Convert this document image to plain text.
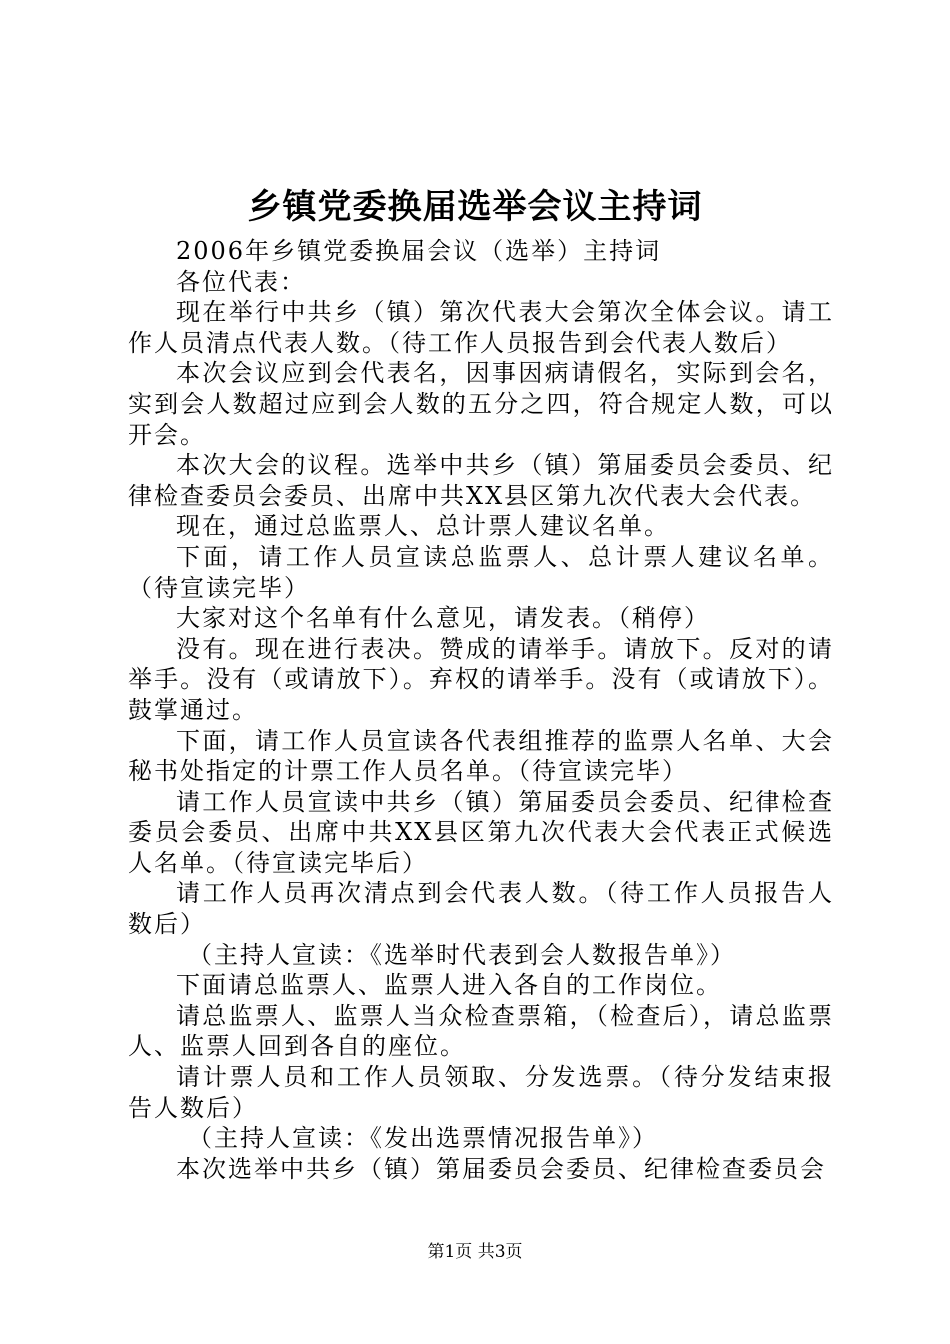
乡镇党委换届选举会议主持词

2006年乡镇党委换届会议（选举）主持词

各位代表：

现在举行中共乡（镇）第次代表大会第次全体会议。请工作人员清点代表人数。（待工作人员报告到会代表人数后）

本次会议应到会代表名，因事因病请假名，实际到会名，实到会人数超过应到会人数的五分之四，符合规定人数，可以开会。

本次大会的议程。选举中共乡（镇）第届委员会委员、纪律检查委员会委员、出席中共XX县区第九次代表大会代表。

现在，通过总监票人、总计票人建议名单。

下面，请工作人员宣读总监票人、总计票人建议名单。（待宣读完毕）

大家对这个名单有什么意见，请发表。（稍停）

没有。现在进行表决。赞成的请举手。请放下。反对的请举手。没有（或请放下）。弃权的请举手。没有（或请放下）。鼓掌通过。

下面，请工作人员宣读各代表组推荐的监票人名单、大会秘书处指定的计票工作人员名单。（待宣读完毕）

请工作人员宣读中共乡（镇）第届委员会委员、纪律检查委员会委员、出席中共XX县区第九次代表大会代表正式候选人名单。（待宣读完毕后）

请工作人员再次清点到会代表人数。（待工作人员报告人数后）

（主持人宣读：《选举时代表到会人数报告单》）

下面请总监票人、监票人进入各自的工作岗位。

请总监票人、监票人当众检查票箱，（检查后），请总监票人、监票人回到各自的座位。

请计票人员和工作人员领取、分发选票。（待分发结束报告人数后）

（主持人宣读：《发出选票情况报告单》）

本次选举中共乡（镇）第届委员会委员、纪律检查委员会

第1页 共3页
